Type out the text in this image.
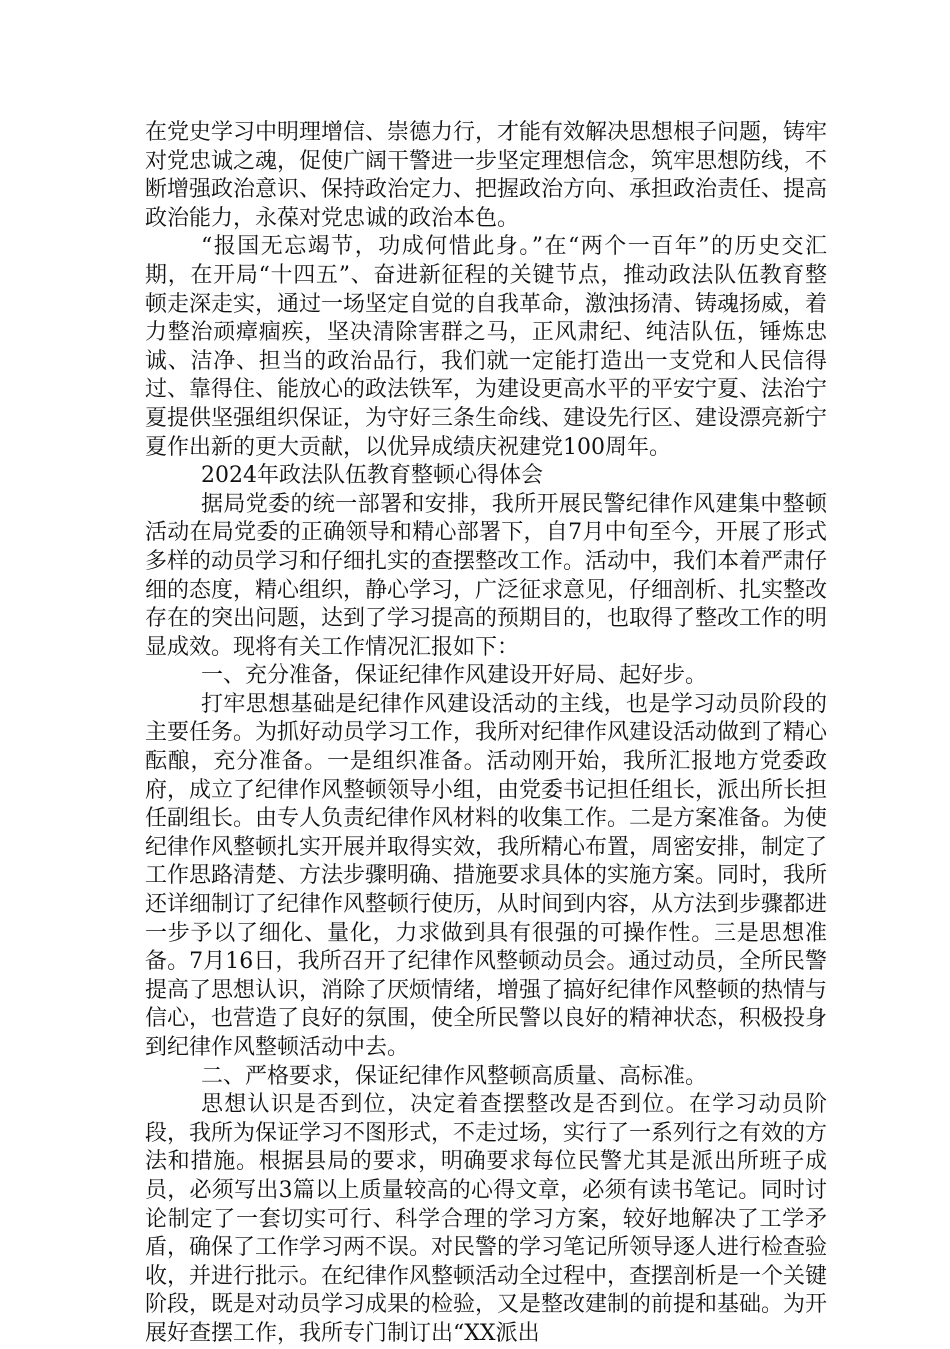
在党史学习中明理增信、崇德力行，才能有效解决思想根子问题，铸牢对党忠诚之魂，促使广阔干警进一步坚定理想信念，筑牢思想防线，不断增强政治意识、保持政治定力、把握政治方向、承担政治责任、提高政治能力，永葆对党忠诚的政治本色。

“报国无忘竭节，功成何惜此身。”在“两个一百年”的历史交汇期，在开局“十四五”、奋进新征程的关键节点，推动政法队伍教育整顿走深走实，通过一场坚定自觉的自我革命，激浊扬清、铸魂扬威，着力整治顽瘴痼疾，坚决清除害群之马，正风肃纪、纯洁队伍，锤炼忠诚、洁净、担当的政治品行，我们就一定能打造出一支党和人民信得过、靠得住、能放心的政法铁军，为建设更高水平的平安宁夏、法治宁夏提供坚强组织保证，为守好三条生命线、建设先行区、建设漂亮新宁夏作出新的更大贡献，以优异成绩庆祝建党100周年。

2024年政法队伍教育整顿心得体会

据局党委的统一部署和安排，我所开展民警纪律作风建集中整顿活动在局党委的正确领导和精心部署下，自7月中旬至今，开展了形式多样的动员学习和仔细扎实的查摆整改工作。活动中，我们本着严肃仔细的态度，精心组织，静心学习，广泛征求意见，仔细剖析、扎实整改存在的突出问题，达到了学习提高的预期目的，也取得了整改工作的明显成效。现将有关工作情况汇报如下：

一、充分准备，保证纪律作风建设开好局、起好步。

打牢思想基础是纪律作风建设活动的主线，也是学习动员阶段的主要任务。为抓好动员学习工作，我所对纪律作风建设活动做到了精心酝酿，充分准备。一是组织准备。活动刚开始，我所汇报地方党委政府，成立了纪律作风整顿领导小组，由党委书记担任组长，派出所长担任副组长。由专人负责纪律作风材料的收集工作。二是方案准备。为使纪律作风整顿扎实开展并取得实效，我所精心布置，周密安排，制定了工作思路清楚、方法步骤明确、措施要求具体的实施方案。同时，我所还详细制订了纪律作风整顿行使历，从时间到内容，从方法到步骤都进一步予以了细化、量化，力求做到具有很强的可操作性。三是思想准备。7月16日，我所召开了纪律作风整顿动员会。通过动员，全所民警提高了思想认识，消除了厌烦情绪，增强了搞好纪律作风整顿的热情与信心，也营造了良好的氛围，使全所民警以良好的精神状态，积极投身到纪律作风整顿活动中去。

二、严格要求，保证纪律作风整顿高质量、高标准。

思想认识是否到位，决定着查摆整改是否到位。在学习动员阶段，我所为保证学习不图形式，不走过场，实行了一系列行之有效的方法和措施。根据县局的要求，明确要求每位民警尤其是派出所班子成员，必须写出3篇以上质量较高的心得文章，必须有读书笔记。同时讨论制定了一套切实可行、科学合理的学习方案，较好地解决了工学矛盾，确保了工作学习两不误。对民警的学习笔记所领导逐人进行检查验收，并进行批示。在纪律作风整顿活动全过程中，查摆剖析是一个关键阶段，既是对动员学习成果的检验，又是整改建制的前提和基础。为开展好查摆工作，我所专门制订出“XX派出
